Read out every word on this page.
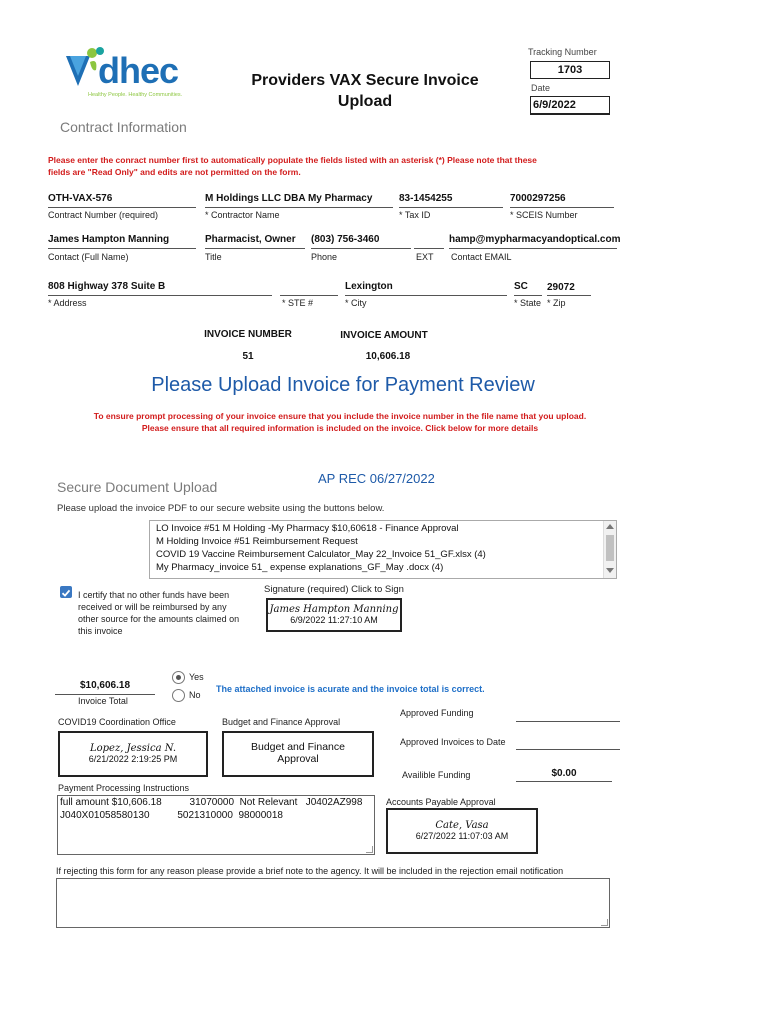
dhec
Healthy People. Healthy Communities.
Providers VAX Secure Invoice
Upload
Tracking Number
1703
Date
6/9/2022
Contract Information
Please enter the conract number first to automatically populate the fields listed with an asterisk (*) Please note that these
fields are "Read Only" and edits are not permitted on the form.
OTH-VAX-576
Contract Number (required)
M Holdings LLC DBA My Pharmacy
* Contractor Name
83-1454255
* Tax ID
7000297256
* SCEIS Number
James Hampton Manning
Contact (Full Name)
Pharmacist, Owner
Title
(803) 756-3460
Phone	EXT
hamp@mypharmacyandoptical.com
Contact EMAIL
808 Highway 378 Suite B
* Address	* STE #
Lexington
* City
SC
* State
29072
* Zip
INVOICE NUMBER
51
INVOICE AMOUNT
10,606.18
Please Upload Invoice for Payment Review
To ensure prompt processing of your invoice ensure that you include the invoice number in the file name that you upload.
Please ensure that all required information is included on the invoice. Click below for more details
AP REC 06/27/2022
Secure Document Upload
Please upload the invoice PDF to our secure website using the buttons below.
LO Invoice #51 M Holding -My Pharmacy $10,60618 - Finance Approval
M Holding Invoice #51 Reimbursement Request
COVID 19 Vaccine Reimbursement Calculator_May 22_Invoice 51_GF.xlsx (4)
My Pharmacy_invoice 51_ expense explanations_GF_May .docx (4)
I certify that no other funds have been
received or will be reimbursed by any
other source for the amounts claimed on
this invoice
Signature (required) Click to Sign
James Hampton Manning
6/9/2022 11:27:10 AM
$10,606.18
Invoice Total
Yes
No
The attached invoice is acurate and the invoice total is correct.
COVID19 Coordination Office
Lopez, Jessica N.
6/21/2022 2:19:25 PM
Budget and Finance Approval
Budget and Finance
Approval
Approved Funding
Approved Invoices to Date
Availible Funding	$0.00
Payment Processing Instructions
full amount $10,606.18          31070000  Not Relevant   J0402AZ998
J040X01058580130          5021310000  98000018
Accounts Payable Approval
Cate, Vasa
6/27/2022 11:07:03 AM
If rejecting this form for any reason please provide a brief note to the agency. It will be included in the rejection email notification
